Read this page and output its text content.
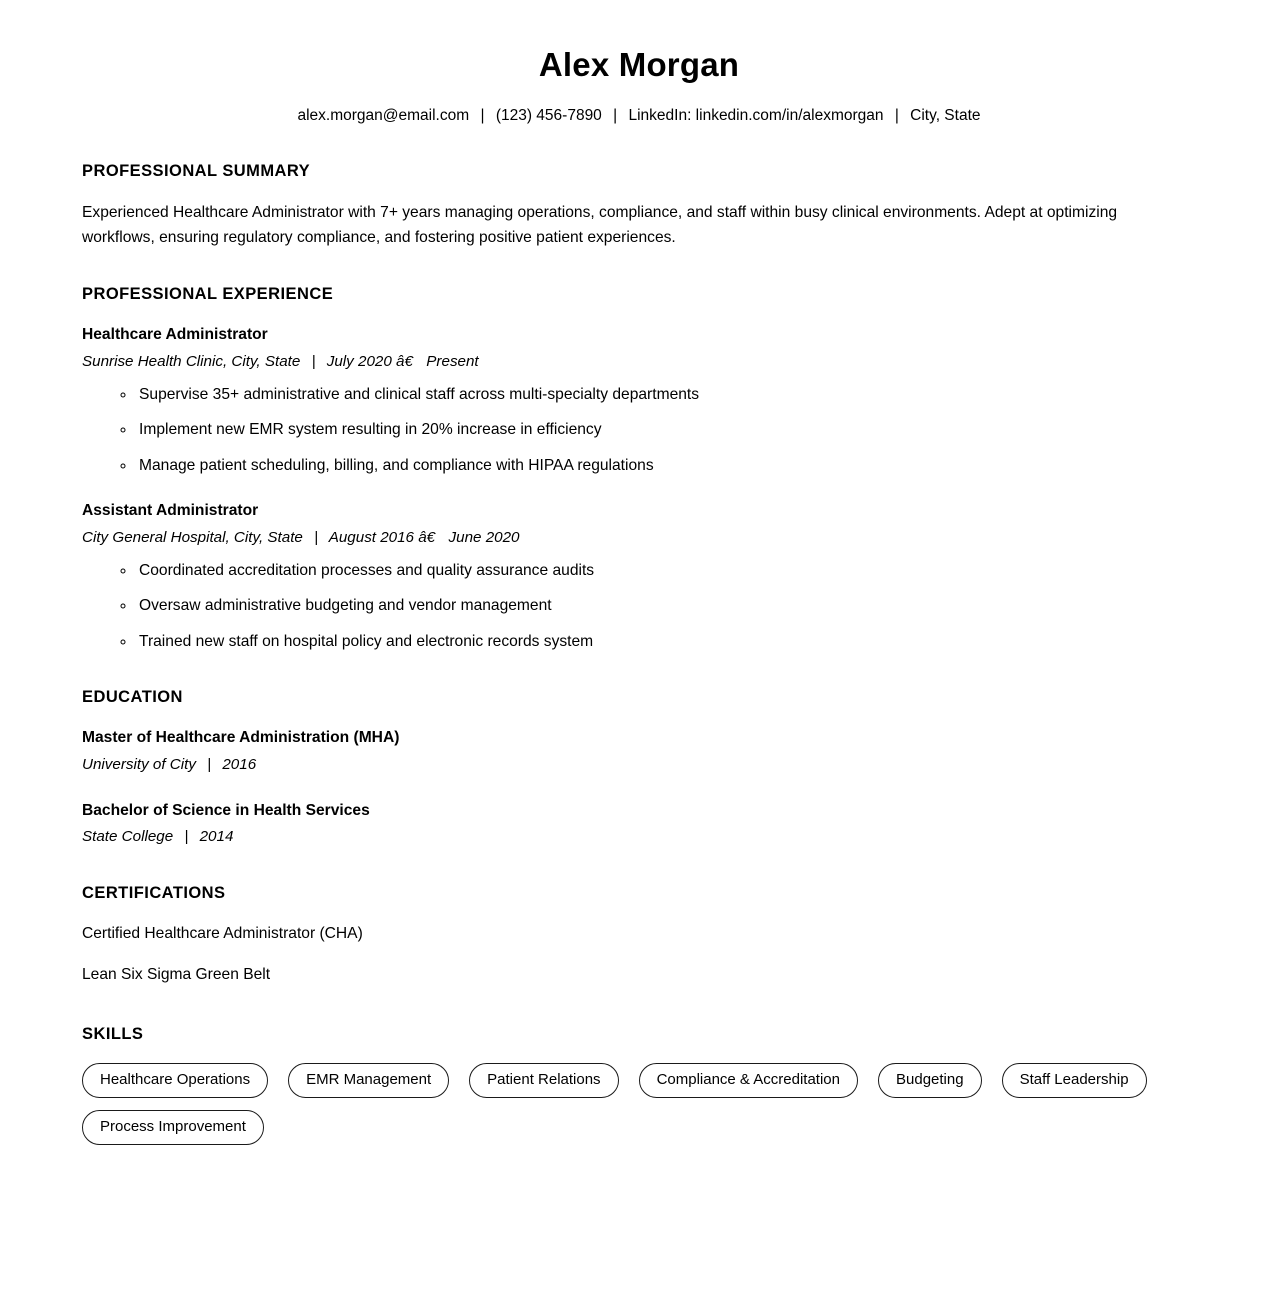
Alex Morgan
alex.morgan@email.com | (123) 456-7890 | LinkedIn: linkedin.com/in/alexmorgan | City, State
PROFESSIONAL SUMMARY

Experienced Healthcare Administrator with 7+ years managing operations, compliance, and staff within busy clinical environments. Adept at optimizing workflows, ensuring regulatory compliance, and fostering positive patient experiences.

PROFESSIONAL EXPERIENCE
Healthcare Administrator
Sunrise Health Clinic, City, State | July 2020 â€ Present
◦ Supervise 35+ administrative and clinical staff across multi-specialty departments
◦ Implement new EMR system resulting in 20% increase in efficiency
◦ Manage patient scheduling, billing, and compliance with HIPAA regulations
Assistant Administrator
City General Hospital, City, State | August 2016 â€ June 2020
◦ Coordinated accreditation processes and quality assurance audits
◦ Oversaw administrative budgeting and vendor management
◦ Trained new staff on hospital policy and electronic records system
EDUCATION
Master of Healthcare Administration (MHA)
University of City | 2016
Bachelor of Science in Health Services
State College | 2014
CERTIFICATIONS

Certified Healthcare Administrator (CHA)

Lean Six Sigma Green Belt

SKILLS
Healthcare Operations	EMR Management	Patient Relations	Compliance & Accreditation	Budgeting	Staff Leadership
Process Improvement
